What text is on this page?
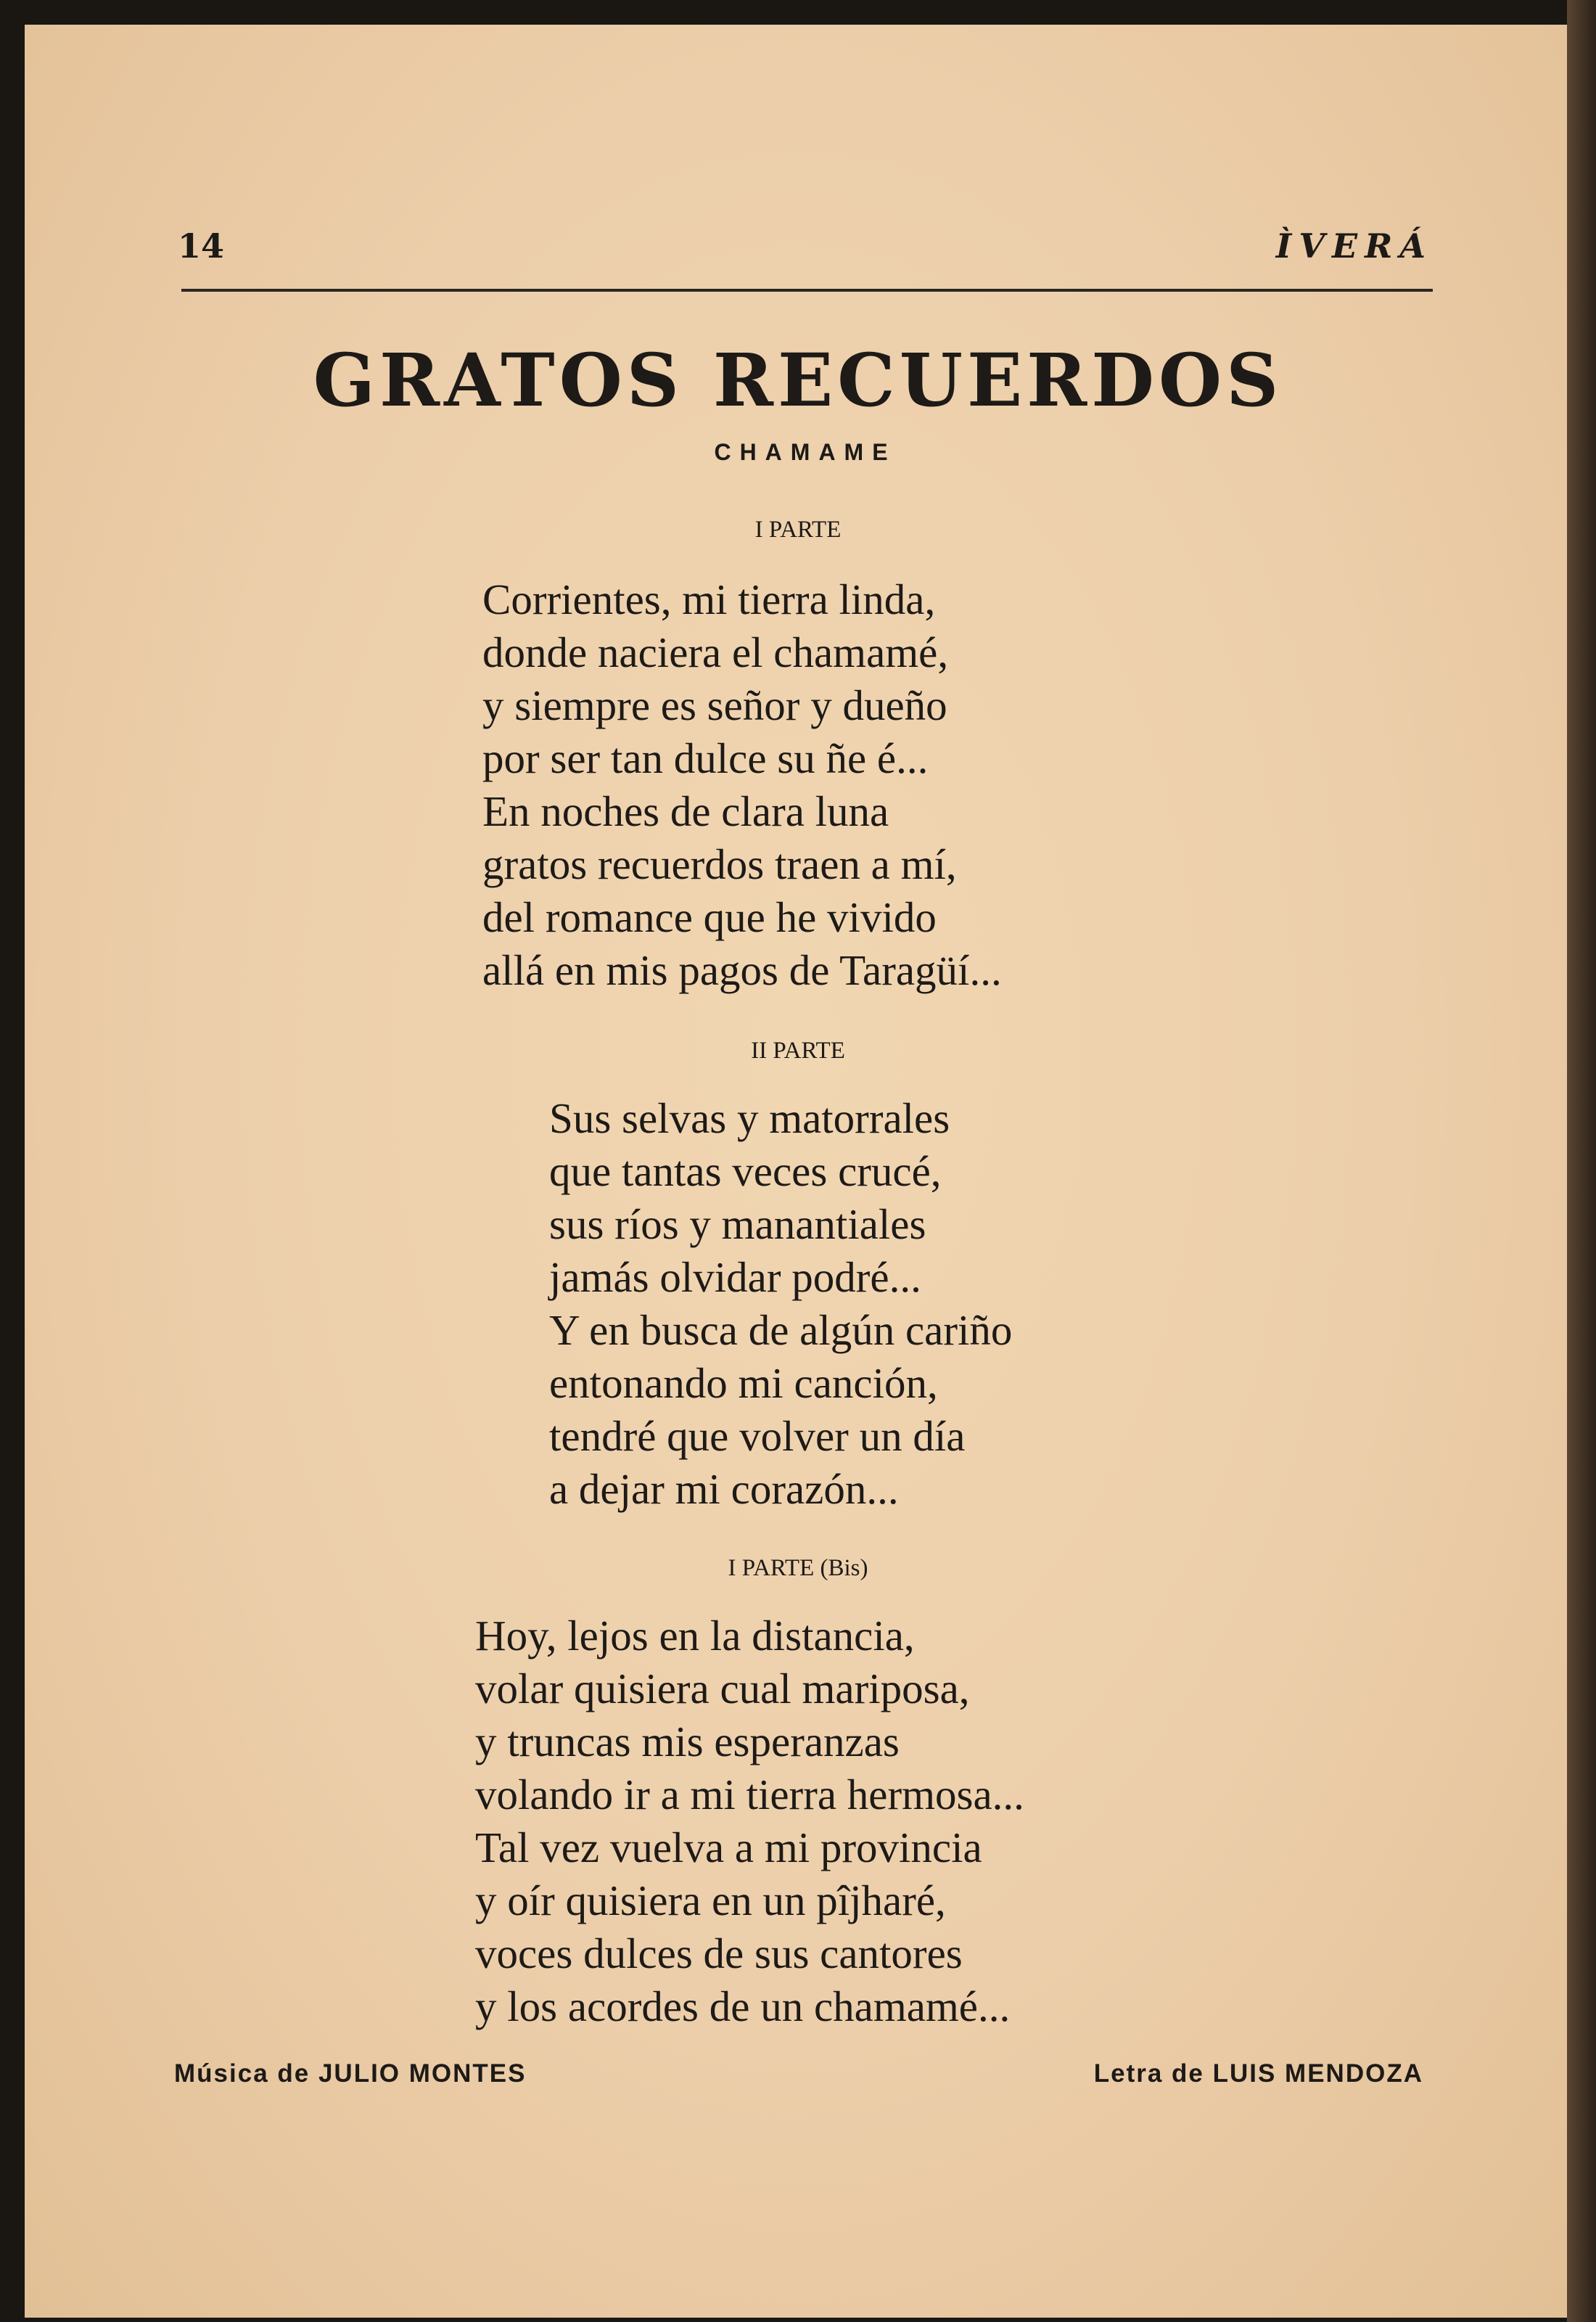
14	ÌVERÁ
GRATOS RECUERDOS
CHAMAME
I PARTE
Corrientes, mi tierra linda,
donde naciera el chamamé,
y siempre es señor y dueño
por ser tan dulce su ñe é...
En noches de clara luna
gratos recuerdos traen a mí,
del romance que he vivido
allá en mis pagos de Taragüí...
II PARTE
Sus selvas y matorrales
que tantas veces crucé,
sus ríos y manantiales
jamás olvidar podré...
Y en busca de algún cariño
entonando mi canción,
tendré que volver un día
a dejar mi corazón...
I PARTE (Bis)
Hoy, lejos en la distancia,
volar quisiera cual mariposa,
y truncas mis esperanzas
volando ir a mi tierra hermosa...
Tal vez vuelva a mi provincia
y oír quisiera en un pîjharé,
voces dulces de sus cantores
y los acordes de un chamamé...
Música de JULIO MONTES	Letra de LUIS MENDOZA
